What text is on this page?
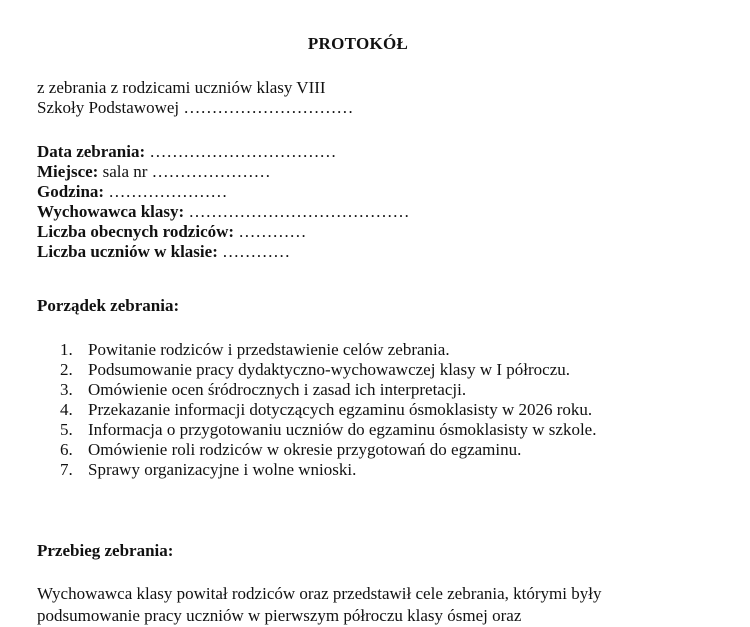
PROTOKÓŁ
z zebrania z rodzicami uczniów klasy VIII
Szkoły Podstawowej …………………………
Data zebrania: ……………………………
Miejsce: sala nr …………………
Godzina: …………………
Wychowawca klasy: …………………………………
Liczba obecnych rodziców: …………
Liczba uczniów w klasie: …………
Porządek zebrania:
1. Powitanie rodziców i przedstawienie celów zebrania.
2. Podsumowanie pracy dydaktyczno-wychowawczej klasy w I półroczu.
3. Omówienie ocen śródrocznych i zasad ich interpretacji.
4. Przekazanie informacji dotyczących egzaminu ósmoklasisty w 2026 roku.
5. Informacja o przygotowaniu uczniów do egzaminu ósmoklasisty w szkole.
6. Omówienie roli rodziców w okresie przygotowań do egzaminu.
7. Sprawy organizacyjne i wolne wnioski.
Przebieg zebrania:
Wychowawca klasy powitał rodziców oraz przedstawił cele zebrania, którymi były podsumowanie pracy uczniów w pierwszym półroczu klasy ósmej oraz
